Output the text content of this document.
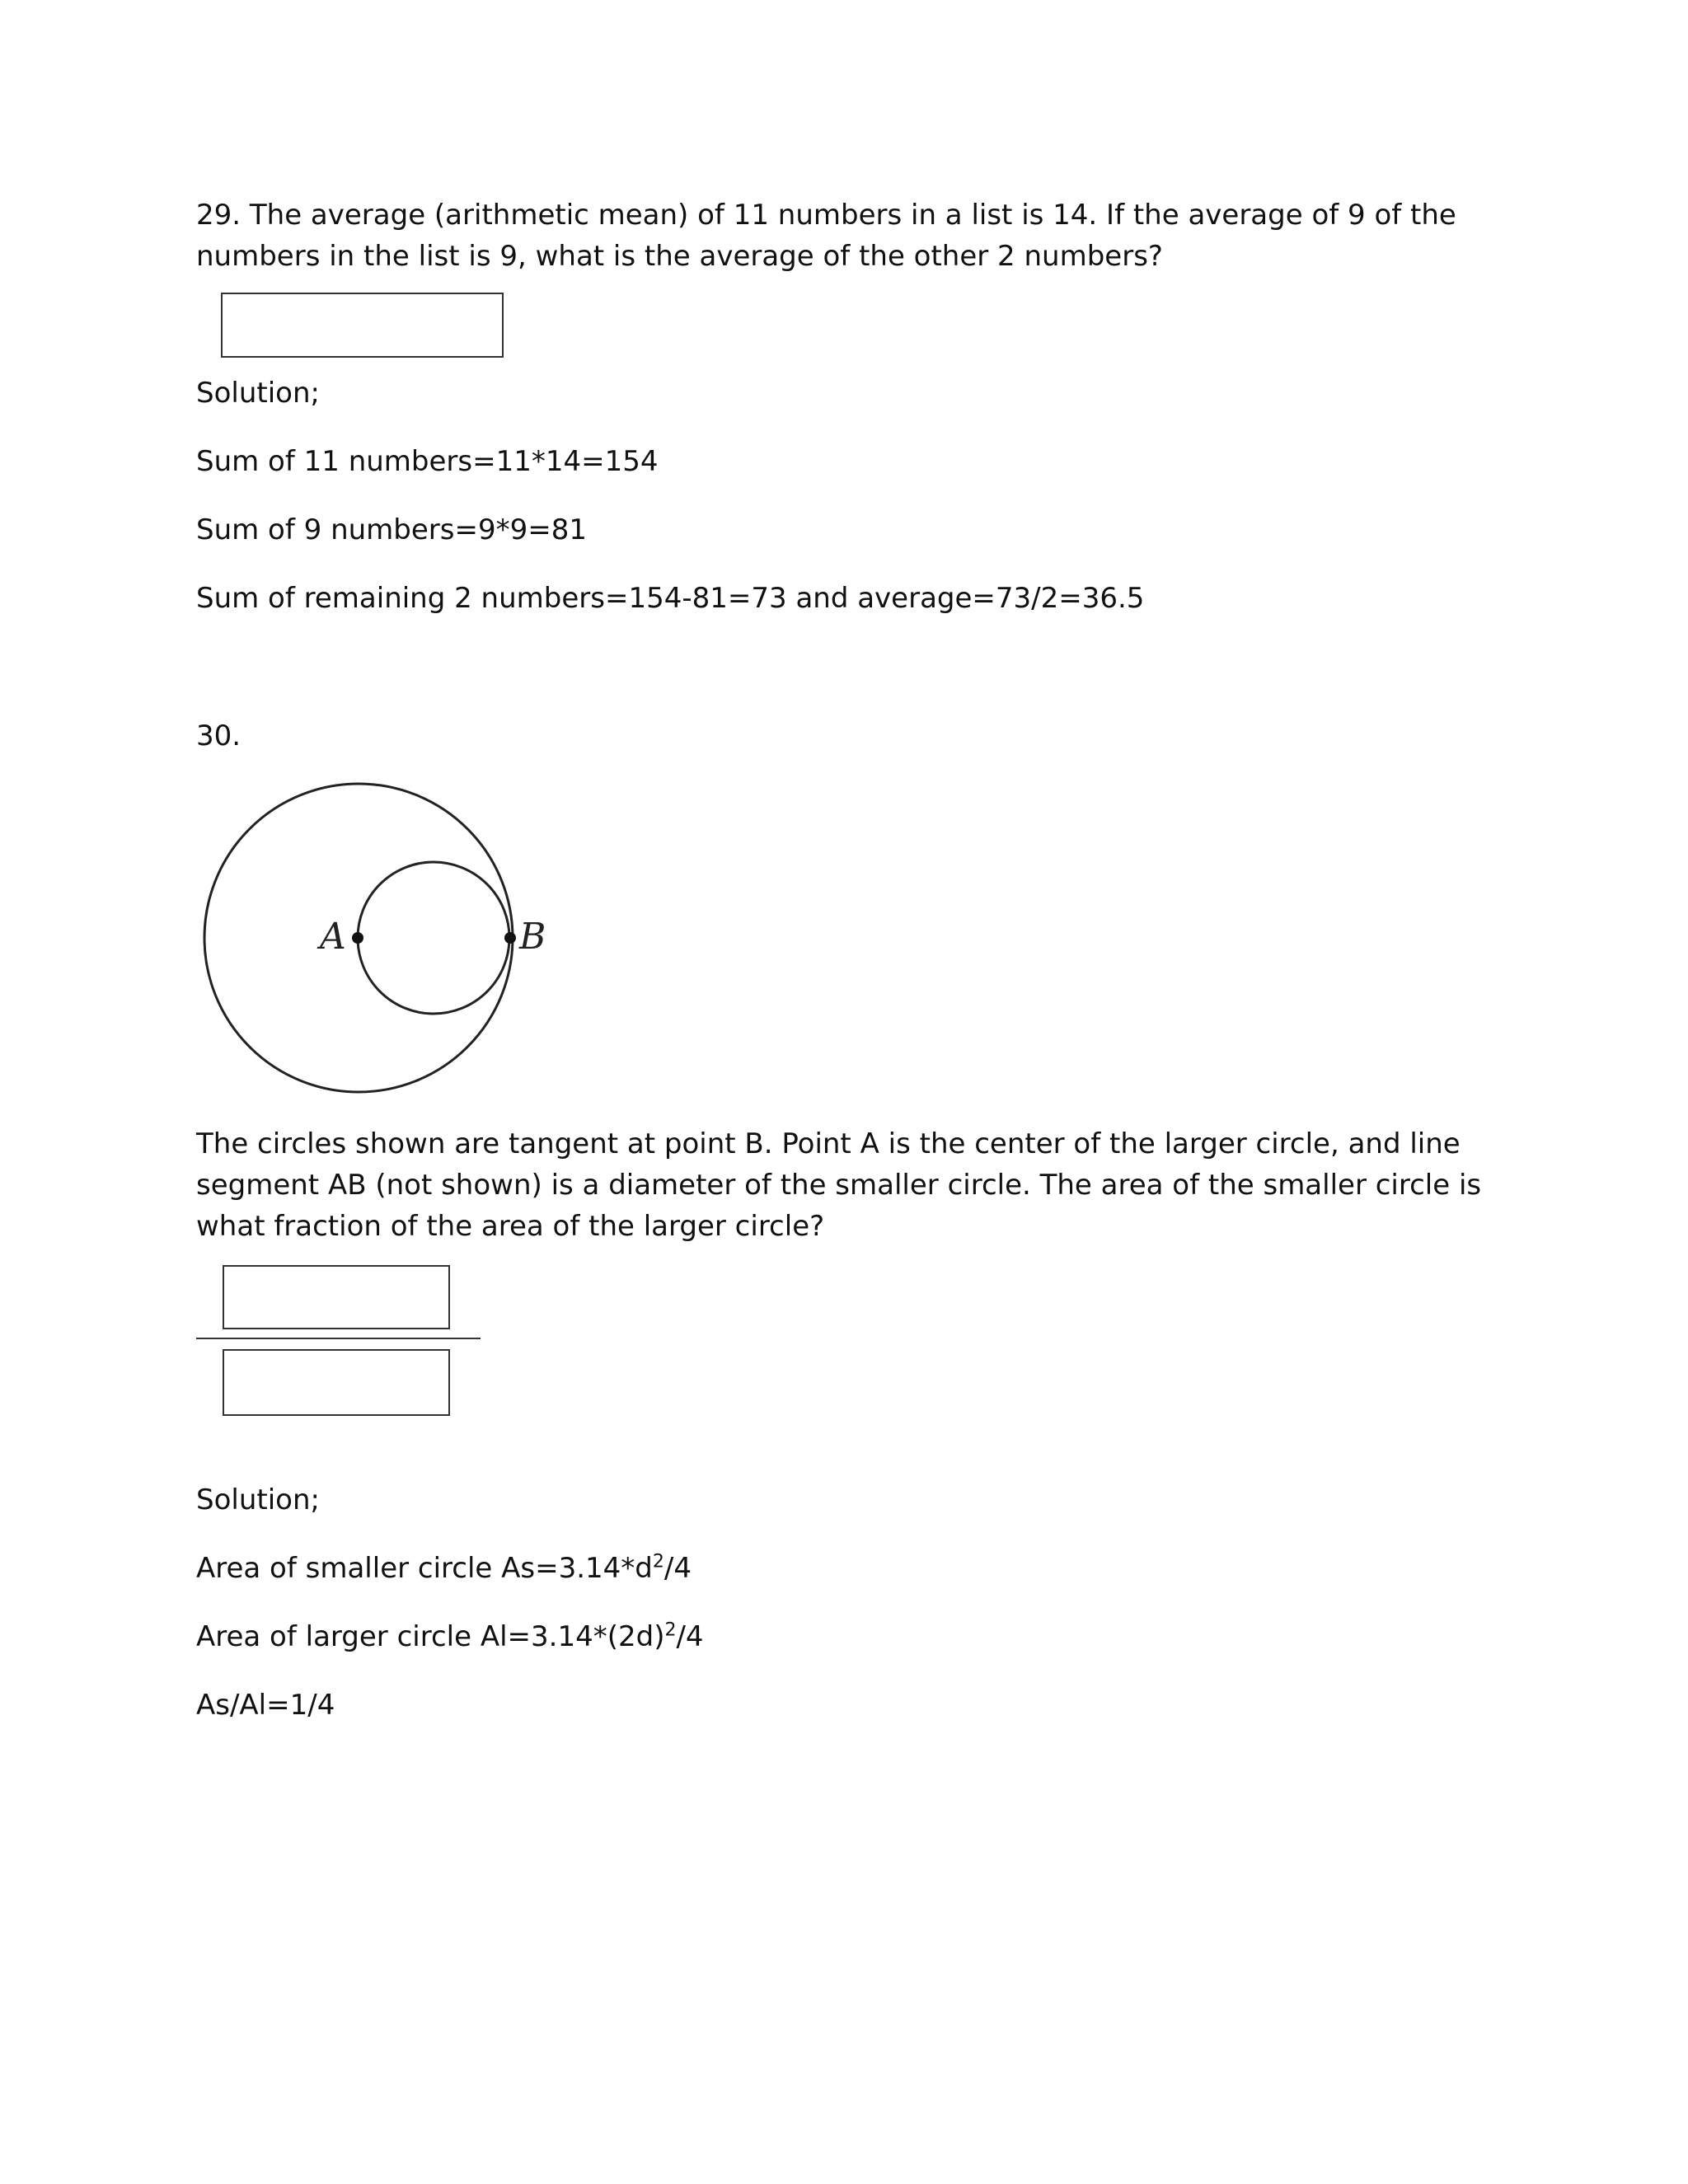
29. The average (arithmetic mean) of 11 numbers in a list is 14. If the average of 9 of the
numbers in the list is 9, what is the average of the other 2 numbers?
Solution;
Sum of 11 numbers=11*14=154
Sum of 9 numbers=9*9=81
Sum of remaining 2 numbers=154-81=73 and average=73/2=36.5
30.
A	B
The circles shown are tangent at point B. Point A is the center of the larger circle, and line
segment AB (not shown) is a diameter of the smaller circle. The area of the smaller circle is
what fraction of the area of the larger circle?
Solution;
Area of smaller circle $As=3.14*d^2/4$
Area of larger circle $Al=3.14*(2d)^2/4$
As/Al=1/4
